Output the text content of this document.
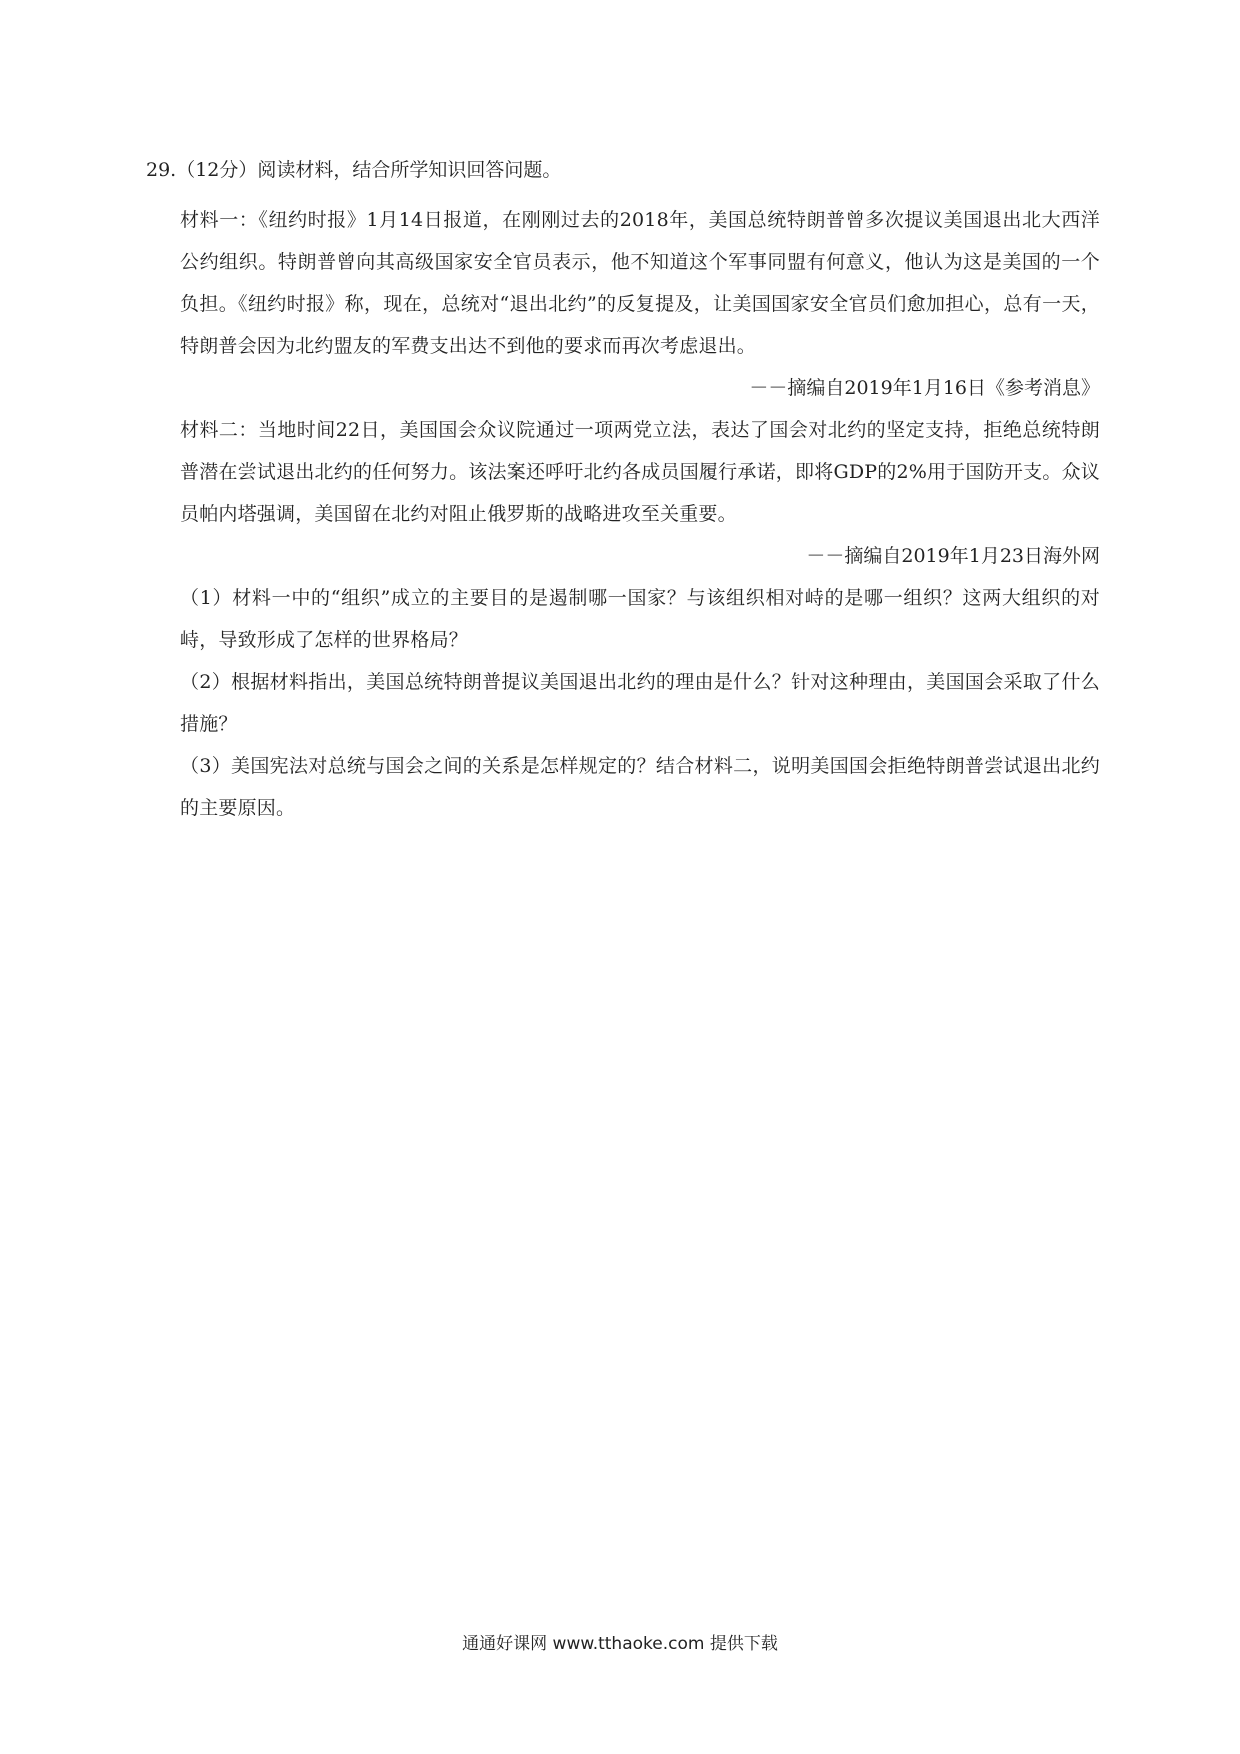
29.（12分）阅读材料，结合所学知识回答问题。

材料一：《纽约时报》1月14日报道，在刚刚过去的2018年，美国总统特朗普曾多次提议美国退出北大西洋公约组织。特朗普曾向其高级国家安全官员表示，他不知道这个军事同盟有何意义，他认为这是美国的一个负担。《纽约时报》称，现在，总统对“退出北约”的反复提及，让美国国家安全官员们愈加担心，总有一天，特朗普会因为北约盟友的军费支出达不到他的要求而再次考虑退出。

－－摘编自2019年1月16日《参考消息》

材料二：当地时间22日，美国国会众议院通过一项两党立法，表达了国会对北约的坚定支持，拒绝总统特朗普潜在尝试退出北约的任何努力。该法案还呼吁北约各成员国履行承诺，即将GDP的2%用于国防开支。众议员帕内塔强调，美国留在北约对阻止俄罗斯的战略进攻至关重要。

－－摘编自2019年1月23日海外网

（1）材料一中的“组织”成立的主要目的是遏制哪一国家？与该组织相对峙的是哪一组织？这两大组织的对峙，导致形成了怎样的世界格局？

（2）根据材料指出，美国总统特朗普提议美国退出北约的理由是什么？针对这种理由，美国国会采取了什么措施？

（3）美国宪法对总统与国会之间的关系是怎样规定的？结合材料二，说明美国国会拒绝特朗普尝试退出北约的主要原因。

通通好课网 www.tthaoke.com 提供下载
